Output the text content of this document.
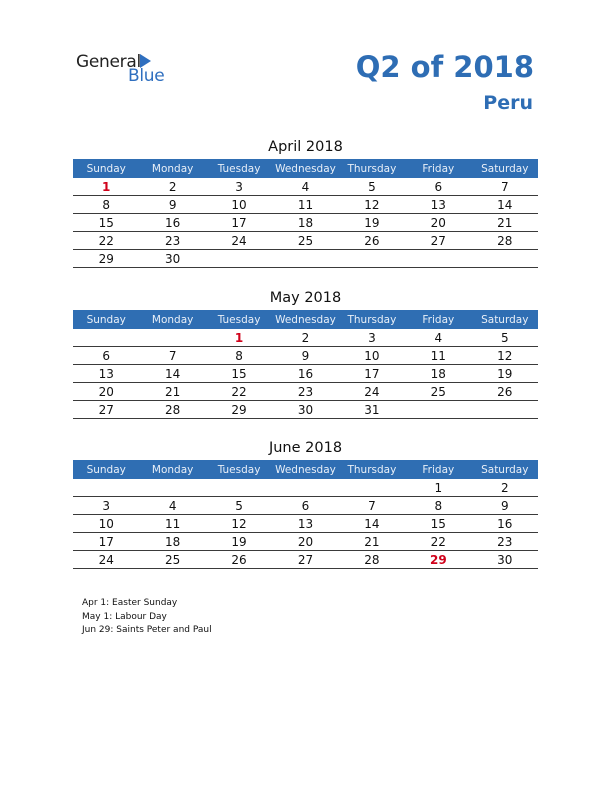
General
Blue	Q2 of 2018
Peru
April 2018
Sunday	Monday	Tuesday	Wednesday	Thursday	Friday	Saturday
1	2	3	4	5	6	7
8	9	10	11	12	13	14
15	16	17	18	19	20	21
22	23	24	25	26	27	28
29	30					
May 2018
Sunday	Monday	Tuesday	Wednesday	Thursday	Friday	Saturday
		1	2	3	4	5
6	7	8	9	10	11	12
13	14	15	16	17	18	19
20	21	22	23	24	25	26
27	28	29	30	31		
June 2018
Sunday	Monday	Tuesday	Wednesday	Thursday	Friday	Saturday
					1	2
3	4	5	6	7	8	9
10	11	12	13	14	15	16
17	18	19	20	21	22	23
24	25	26	27	28	29	30
Apr 1: Easter Sunday
May 1: Labour Day
Jun 29: Saints Peter and Paul
